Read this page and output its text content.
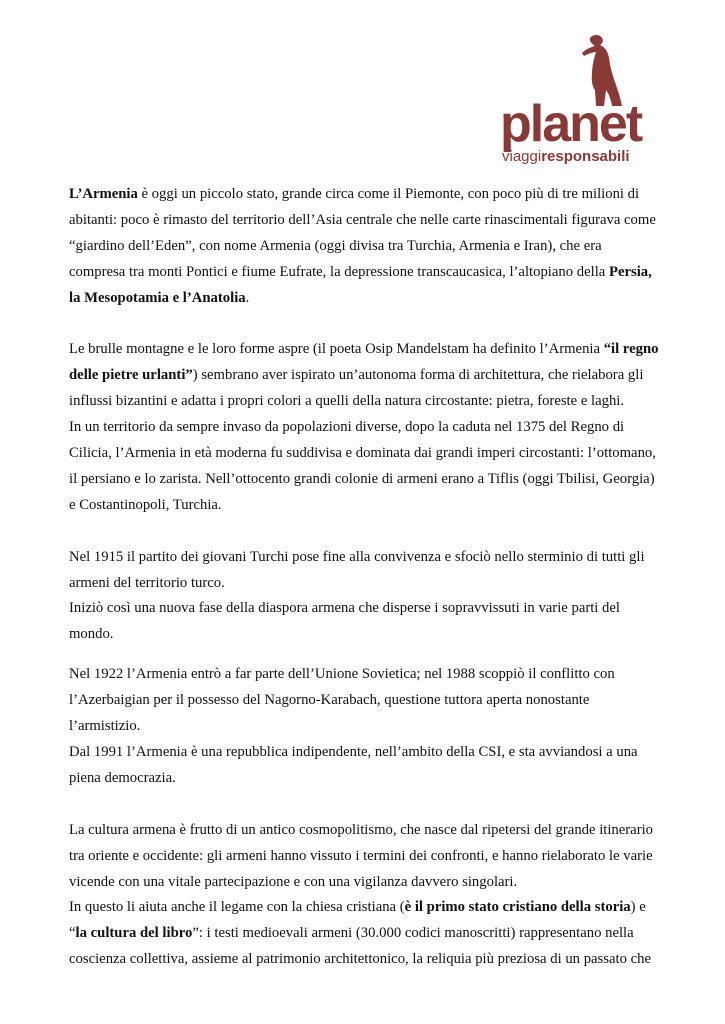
planet
viaggiresponsabili

L’Armenia è oggi un piccolo stato, grande circa come il Piemonte, con poco più di tre milioni di abitanti: poco è rimasto del territorio dell’Asia centrale che nelle carte rinascimentali figurava come “giardino dell’Eden”, con nome Armenia (oggi divisa tra Turchia, Armenia e Iran), che era compresa tra monti Pontici e fiume Eufrate, la depressione transcaucasica, l’altopiano della Persia, la Mesopotamia e l’Anatolia.

Le brulle montagne e le loro forme aspre (il poeta Osip Mandelstam ha definito l’Armenia “il regno delle pietre urlanti”) sembrano aver ispirato un’autonoma forma di architettura, che rielabora gli influssi bizantini e adatta i propri colori a quelli della natura circostante: pietra, foreste e laghi.

In un territorio da sempre invaso da popolazioni diverse, dopo la caduta nel 1375 del Regno di Cilicia, l’Armenia in età moderna fu suddivisa e dominata dai grandi imperi circostanti: l’ottomano, il persiano e lo zarista. Nell’ottocento grandi colonie di armeni erano a Tiflis (oggi Tbilisi, Georgia) e Costantinopoli, Turchia.

Nel 1915 il partito dei giovani Turchi pose fine alla convivenza e sfociò nello sterminio di tutti gli armeni del territorio turco.

Iniziò così una nuova fase della diaspora armena che disperse i sopravvissuti in varie parti del mondo.

Nel 1922 l’Armenia entrò a far parte dell’Unione Sovietica; nel 1988 scoppiò il conflitto con l’Azerbaigian per il possesso del Nagorno-Karabach, questione tuttora aperta nonostante l’armistizio.

Dal 1991 l’Armenia è una repubblica indipendente, nell’ambito della CSI, e sta avviandosi a una piena democrazia.

La cultura armena è frutto di un antico cosmopolitismo, che nasce dal ripetersi del grande itinerario tra oriente e occidente: gli armeni hanno vissuto i termini dei confronti, e hanno rielaborato le varie vicende con una vitale partecipazione e con una vigilanza davvero singolari.

In questo li aiuta anche il legame con la chiesa cristiana (è il primo stato cristiano della storia) e “la cultura del libro”: i testi medioevali armeni (30.000 codici manoscritti) rappresentano nella coscienza collettiva, assieme al patrimonio architettonico, la reliquia più preziosa di un passato che
